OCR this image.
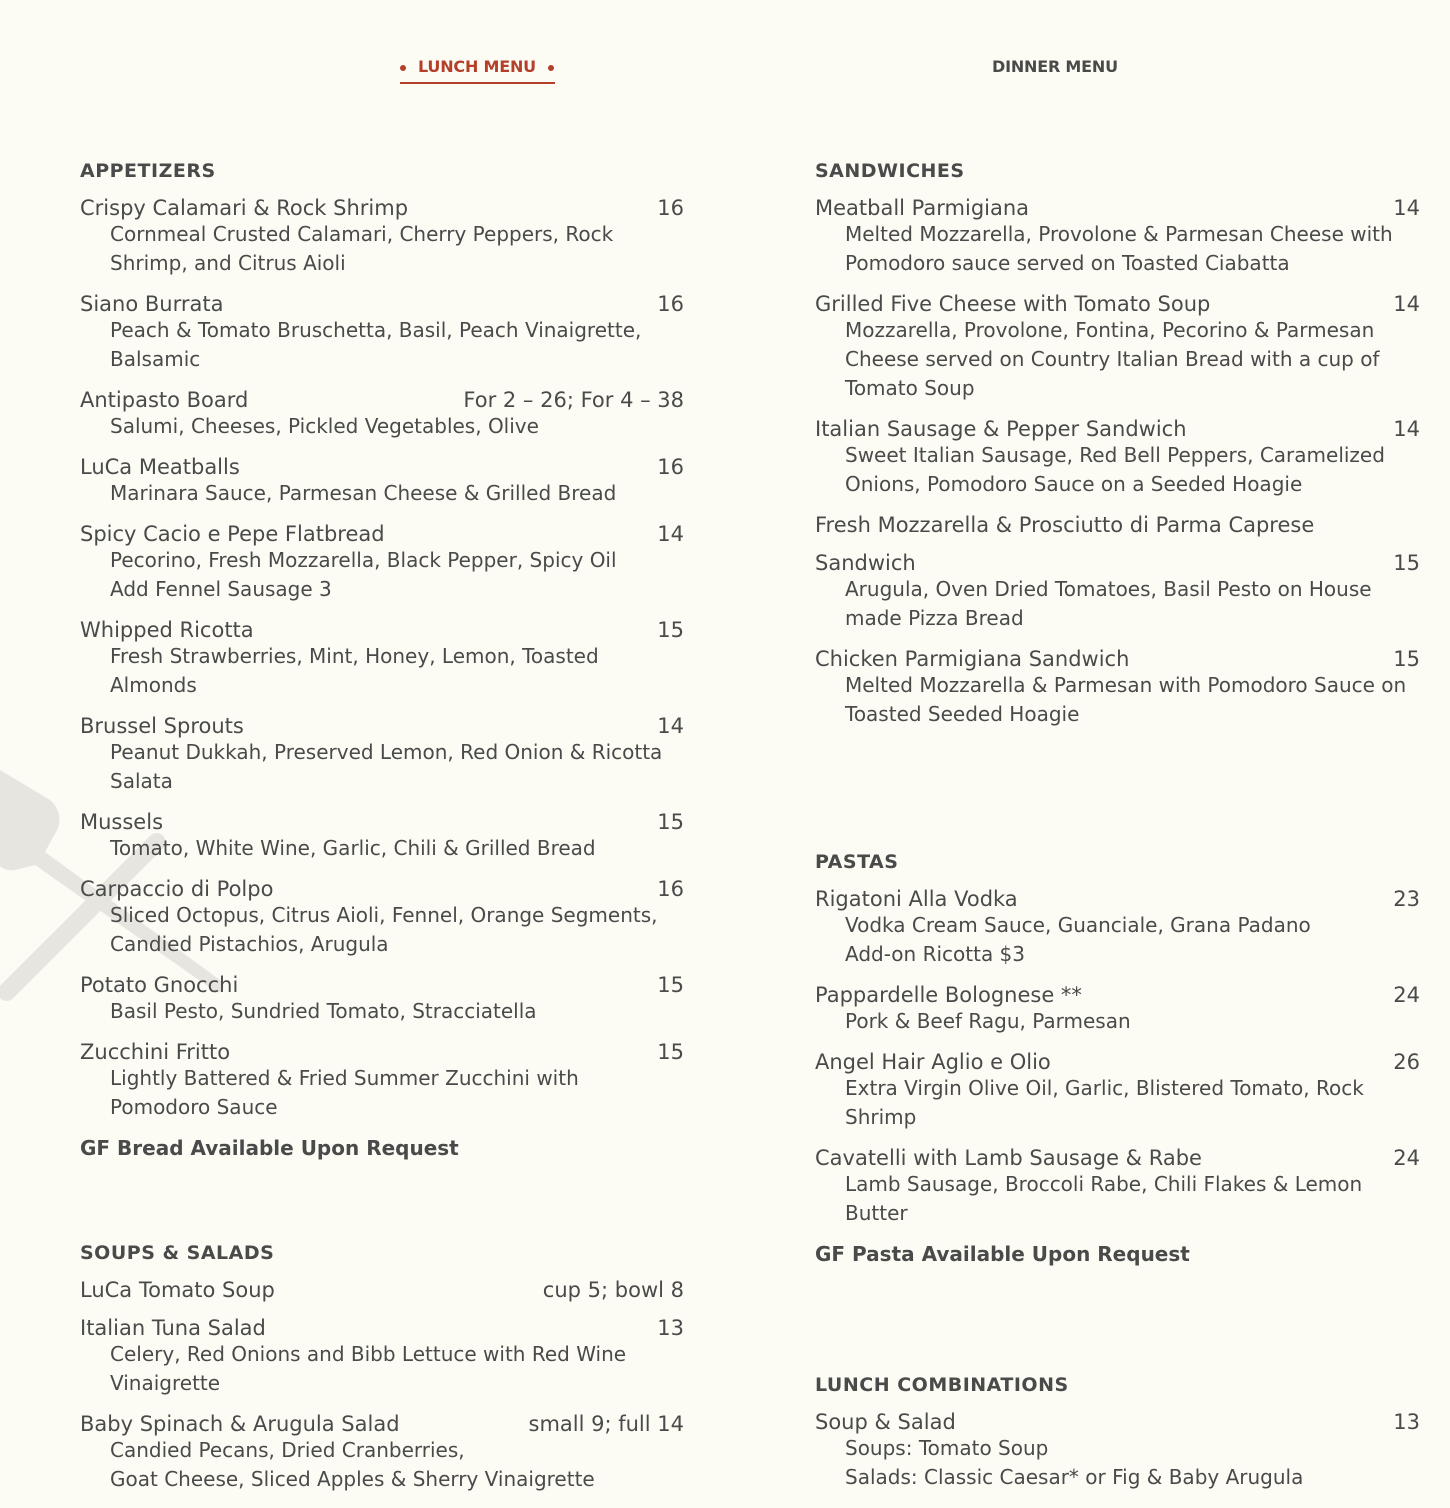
LUNCH MENU	DINNER MENU
APPETIZERS
Crispy Calamari & Rock Shrimp	16
Cornmeal Crusted Calamari, Cherry Peppers, Rock Shrimp, and Citrus Aioli
Siano Burrata	16
Peach & Tomato Bruschetta, Basil, Peach Vinaigrette, Balsamic
Antipasto Board	For 2 – 26; For 4 – 38
Salumi, Cheeses, Pickled Vegetables, Olive
LuCa Meatballs	16
Marinara Sauce, Parmesan Cheese & Grilled Bread
Spicy Cacio e Pepe Flatbread	14
Pecorino, Fresh Mozzarella, Black Pepper, Spicy Oil
Add Fennel Sausage 3
Whipped Ricotta	15
Fresh Strawberries, Mint, Honey, Lemon, Toasted Almonds
Brussel Sprouts	14
Peanut Dukkah, Preserved Lemon, Red Onion & Ricotta Salata
Mussels	15
Tomato, White Wine, Garlic, Chili & Grilled Bread
Carpaccio di Polpo	16
Sliced Octopus, Citrus Aioli, Fennel, Orange Segments, Candied Pistachios, Arugula
Potato Gnocchi	15
Basil Pesto, Sundried Tomato, Stracciatella
Zucchini Fritto	15
Lightly Battered & Fried Summer Zucchini with Pomodoro Sauce
GF Bread Available Upon Request
SOUPS & SALADS
LuCa Tomato Soup	cup 5; bowl 8
Italian Tuna Salad	13
Celery, Red Onions and Bibb Lettuce with Red Wine Vinaigrette
Baby Spinach & Arugula Salad	small 9; full 14
Candied Pecans, Dried Cranberries,
Goat Cheese, Sliced Apples & Sherry Vinaigrette
SANDWICHES
Meatball Parmigiana	14
Melted Mozzarella, Provolone & Parmesan Cheese with Pomodoro sauce served on Toasted Ciabatta
Grilled Five Cheese with Tomato Soup	14
Mozzarella, Provolone, Fontina, Pecorino & Parmesan Cheese served on Country Italian Bread with a cup of Tomato Soup
Italian Sausage & Pepper Sandwich	14
Sweet Italian Sausage, Red Bell Peppers, Caramelized Onions, Pomodoro Sauce on a Seeded Hoagie
Fresh Mozzarella & Prosciutto di Parma Caprese
Sandwich	15
Arugula, Oven Dried Tomatoes, Basil Pesto on House made Pizza Bread
Chicken Parmigiana Sandwich	15
Melted Mozzarella & Parmesan with Pomodoro Sauce on Toasted Seeded Hoagie
PASTAS
Rigatoni Alla Vodka	23
Vodka Cream Sauce, Guanciale, Grana Padano
Add-on Ricotta $3
Pappardelle Bolognese **	24
Pork & Beef Ragu, Parmesan
Angel Hair Aglio e Olio	26
Extra Virgin Olive Oil, Garlic, Blistered Tomato, Rock Shrimp
Cavatelli with Lamb Sausage & Rabe	24
Lamb Sausage, Broccoli Rabe, Chili Flakes & Lemon Butter
GF Pasta Available Upon Request
LUNCH COMBINATIONS
Soup & Salad	13
Soups: Tomato Soup
Salads: Classic Caesar* or Fig & Baby Arugula
